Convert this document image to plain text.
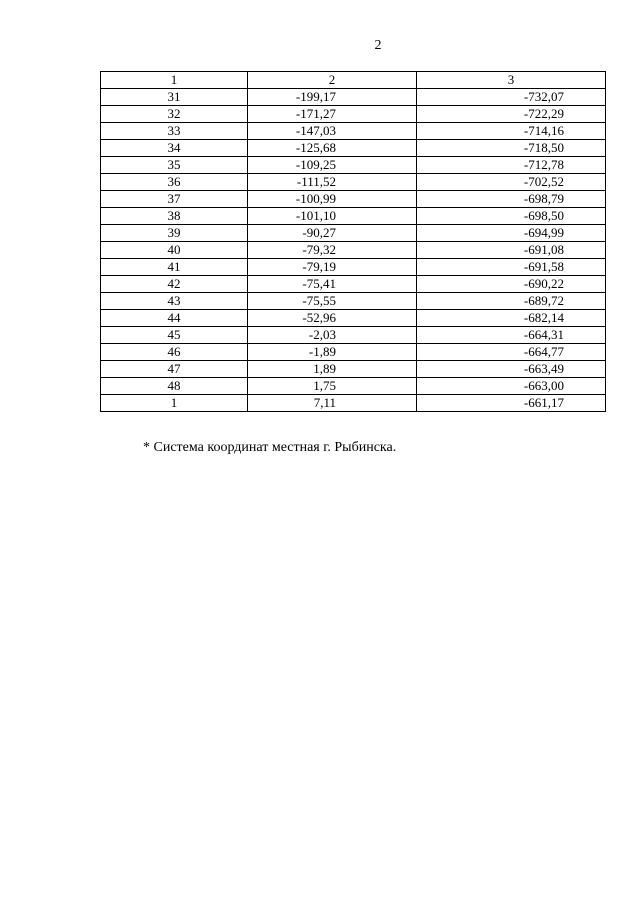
2
1	2	3
31	-199,17	-732,07
32	-171,27	-722,29
33	-147,03	-714,16
34	-125,68	-718,50
35	-109,25	-712,78
36	-111,52	-702,52
37	-100,99	-698,79
38	-101,10	-698,50
39	-90,27	-694,99
40	-79,32	-691,08
41	-79,19	-691,58
42	-75,41	-690,22
43	-75,55	-689,72
44	-52,96	-682,14
45	-2,03	-664,31
46	-1,89	-664,77
47	1,89	-663,49
48	1,75	-663,00
1	7,11	-661,17
* Система координат местная г. Рыбинска.
